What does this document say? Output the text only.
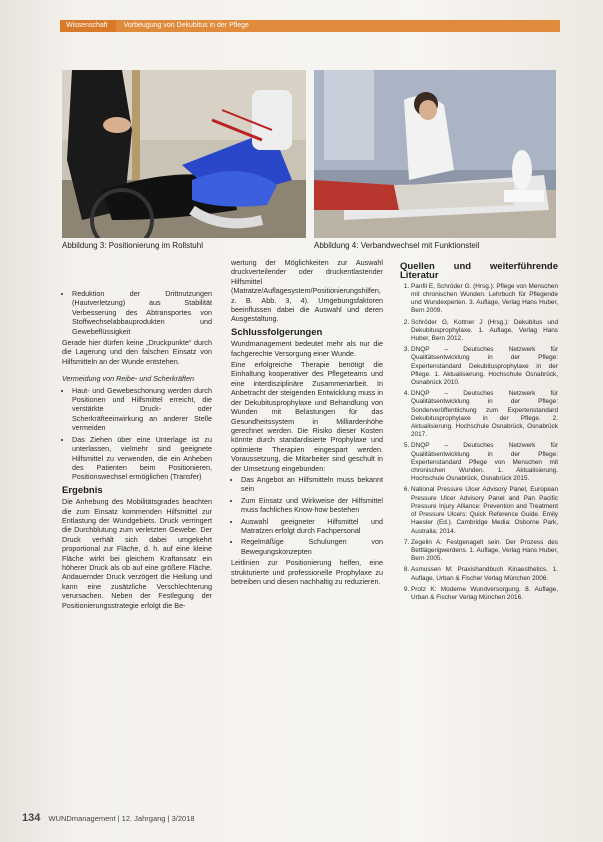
Wissenschaft	Vorbeugung von Dekubitus in der Pflege
Abbildung 3: Positionierung im Rollstuhl	Abbildung 4: Verbandwechsel mit Funktionsteil
• Reduktion der Drittnutzungen (Hautverletzung) aus Stabilität Verbesserung des Abtransportes von Stoffwechselabbauprodukten und Gewebeflüssigkeit

Gerade hier dürfen keine „Druckpunkte“ durch die Lagerung und den falschen Einsatz von Hilfsmitteln an der Wunde entstehen.

Vermeidung von Reibe- und Scherkräften

• Haut- und Gewebeschonung werden durch Positionen und Hilfsmittel erreicht, die verstärkte Druck- oder Scherkräfteeinwirkung an anderer Stelle vermeiden
• Das Ziehen über eine Unterlage ist zu unterlassen, vielmehr sind geeignete Hilfsmittel zu verwenden, die ein Anheben des Patienten beim Positionieren, Positionswechsel ermöglichen (Transfer)
Ergebnis

Die Anhebung des Mobilitätsgrades beachten die zum Einsatz kommenden Hilfsmittel zur Entlastung der Wundgebiets. Druck verringert die Durchblutung zum verletzten Gewebe. Der Druck verhält sich dabei umgekehrt proportional zur Fläche, d. h. auf eine kleine Fläche wirkt bei gleichem Kraftansatz ein höherer Druck als ob auf eine größere Fläche. Andauernder Druck verzögert die Heilung und kann eine zusätzliche Verschlechterung verursachen. Neben der Festlegung der Positionierungsstrategie erfolgt die Be-

wertung der Möglichkeiten zur Auswahl druckverteilender oder druckentlastender Hilfsmittel (Matratze/Auflagesystem/Positionierungshilfen, z. B. Abb. 3, 4). Umgebungsfaktoren beeinflussen dabei die Auswahl und deren Ausgestaltung.

Schlussfolgerungen

Wundmanagement bedeutet mehr als nur die fachgerechte Versorgung einer Wunde.

Eine erfolgreiche Therapie benötigt die Einhaltung kooperativer des Pflegeteams und eine interdisziplinäre Zusammenarbeit. In Anbetracht der steigenden Entwicklung muss in der Dekubitusprophylaxe und Behandlung von Wunden mit Belastungen für das Gesundheitssystem in Milliardenhöhe gerechnet werden. Die Risiko dieser Kosten könnte durch standardisierte Prophylaxe und optimierte Therapien eingespart werden. Voraussetzung, die Mitarbeiter sind geschult in der Umsetzung eingebunden:

• Das Angebot an Hilfsmitteln muss bekannt sein
• Zum Einsatz und Wirkweise der Hilfsmittel muss fachliches Know-how bestehen
• Auswahl geeigneter Hilfsmittel und Matratzen erfolgt durch Fachpersonal
• Regelmäßige Schulungen von Bewegungskonzepten

Leitlinien zur Positionierung helfen, eine strukturierte und professionelle Prophylaxe zu betreiben und diesen nachhaltig zu reduzieren.

Quellen und weiterführende Literatur
1. Panfil E, Schröder G. (Hrsg.): Pflege von Menschen mit chronischen Wunden. Lehrbuch für Pflegende und Wundexperten. 3. Auflage, Verlag Hans Huber, Bern 2009.
2. Schröder G, Kottner J (Hrsg.): Dekubitus und Dekubitusprophylaxe. 1. Auflage, Verlag Hans Huber, Bern 2012.
3. DNQP – Deutsches Netzwerk für Qualitätsentwicklung in der Pflege: Expertenstandard Dekubitusprophylaxe in der Pflege. 1. Aktualisierung. Hochschule Osnabrück, Osnabrück 2010.
4. DNQP – Deutsches Netzwerk für Qualitätsentwicklung in der Pflege: Sonderveröffentlichung zum Expertenstandard Dekubitusprophylaxe in der Pflege. 2. Aktualisierung. Hochschule Osnabrück, Osnabrück 2017.
5. DNQP – Deutsches Netzwerk für Qualitätsentwicklung in der Pflege: Expertenstandard Pflege von Menschen mit chronischen Wunden. 1. Aktualisierung. Hochschule Osnabrück, Osnabrück 2015.
6. National Pressure Ulcer Advisory Panel, European Pressure Ulcer Advisory Panel and Pan Pacific Pressure Injury Alliance: Prevention and Treatment of Pressure Ulcers: Quick Reference Guide. Emily Haesler (Ed.). Cambridge Media: Osborne Park, Australia; 2014.
7. Zegelin A: Festgenagelt sein. Der Prozess des Bettlägerigwerdens. 1. Auflage, Verlag Hans Huber, Bern 2005.
8. Asmussen M: Praxishandbuch Kinaesthetics. 1. Auflage, Urban & Fischer Verlag München 2006.
9. Protz K: Moderne Wundversorgung. 8. Auflage, Urban & Fischer Verlag München 2016.
134 WUNDmanagement | 12. Jahrgang | 3/2018
